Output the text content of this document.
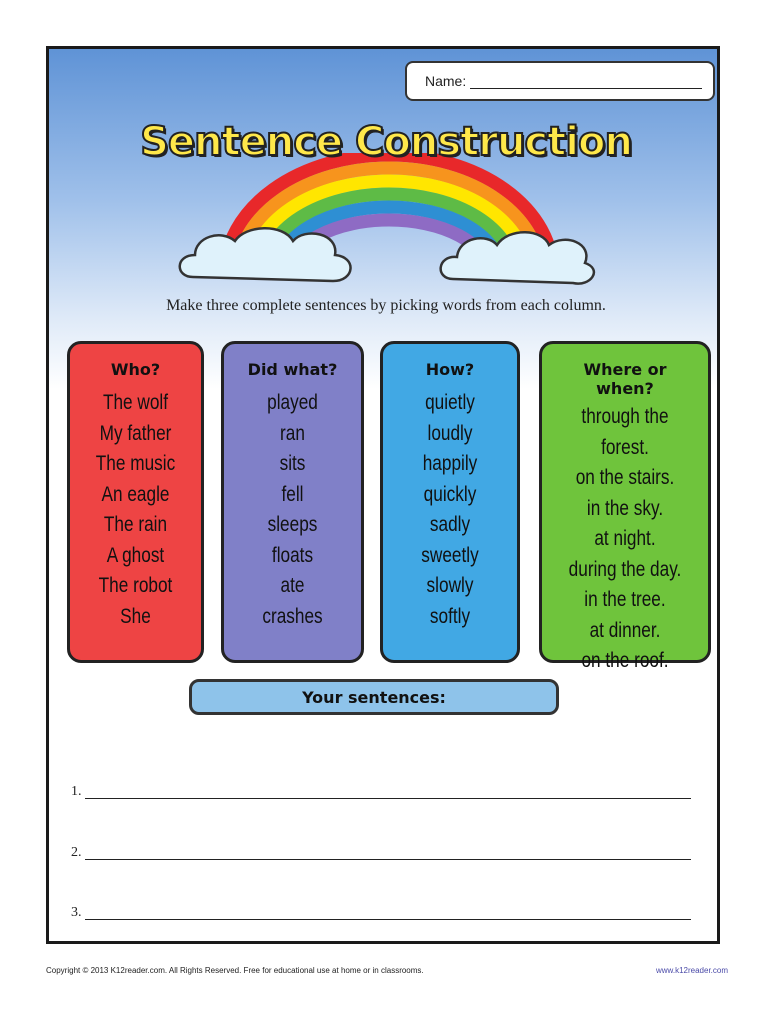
Name:
Sentence Construction
Make three complete sentences by picking words from each column.
Who?
The wolf
My father
The music
An eagle
The rain
A ghost
The robot
She
Did what?
played
ran
sits
fell
sleeps
floats
ate
crashes
How?
quietly
loudly
happily
quickly
sadly
sweetly
slowly
softly
Where or
when?
through the forest.
on the stairs.
in the sky.
at night.
during the day.
in the tree.
at dinner.
on the roof.
Your sentences:
1.
2.
3.
Copyright © 2013 K12reader.com. All Rights Reserved. Free for educational use at home or in classrooms.	www.k12reader.com
